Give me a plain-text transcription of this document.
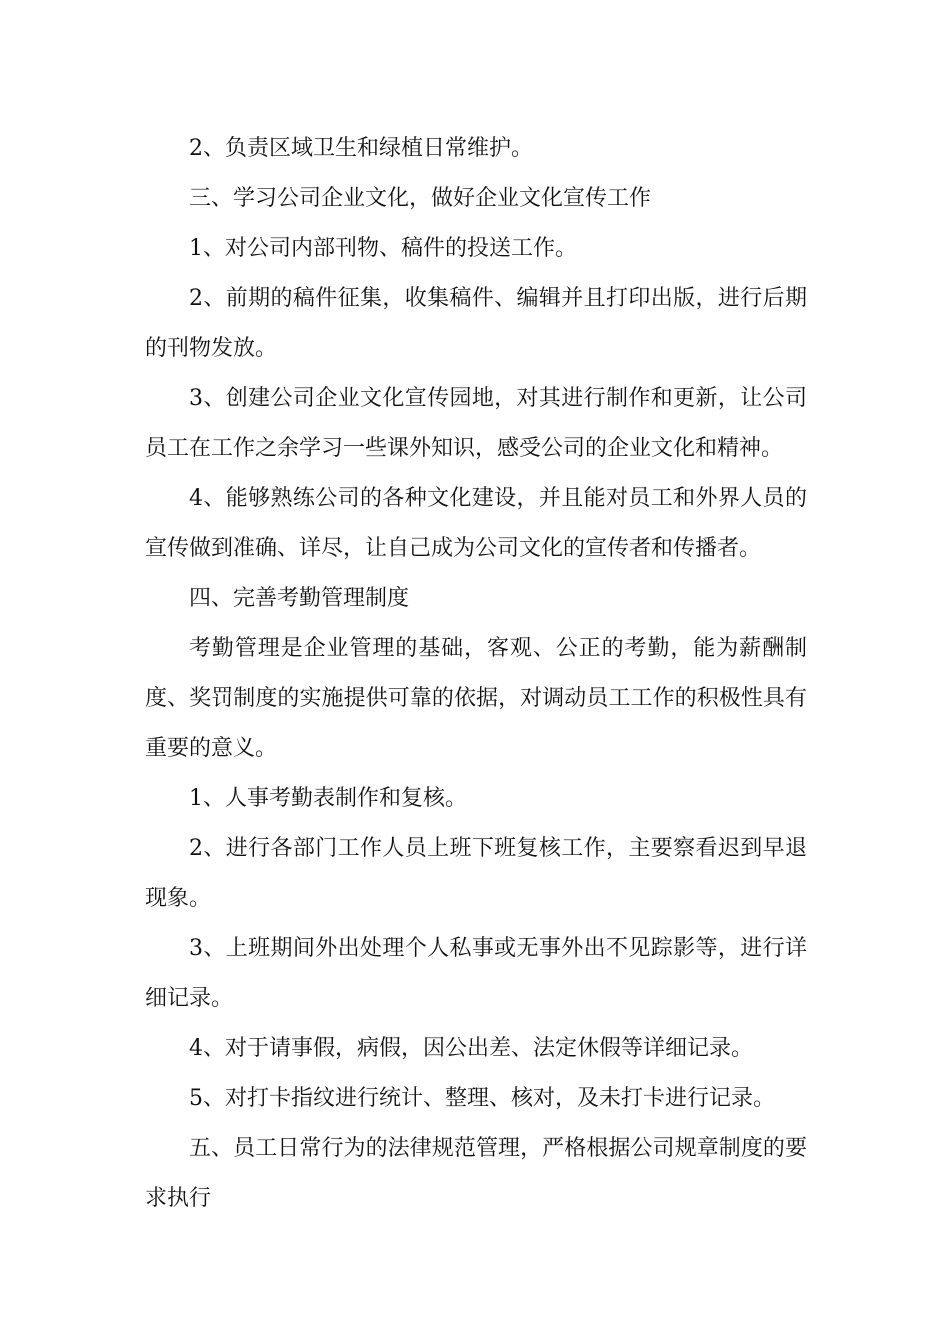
2、负责区域卫生和绿植日常维护。

三、学习公司企业文化，做好企业文化宣传工作

1、对公司内部刊物、稿件的投送工作。

2、前期的稿件征集，收集稿件、编辑并且打印出版，进行后期的刊物发放。

3、创建公司企业文化宣传园地，对其进行制作和更新，让公司员工在工作之余学习一些课外知识，感受公司的企业文化和精神。

4、能够熟练公司的各种文化建设，并且能对员工和外界人员的宣传做到准确、详尽，让自己成为公司文化的宣传者和传播者。

四、完善考勤管理制度

考勤管理是企业管理的基础，客观、公正的考勤，能为薪酬制度、奖罚制度的实施提供可靠的依据，对调动员工工作的积极性具有重要的意义。

1、人事考勤表制作和复核。

2、进行各部门工作人员上班下班复核工作，主要察看迟到早退现象。

3、上班期间外出处理个人私事或无事外出不见踪影等，进行详细记录。

4、对于请事假，病假，因公出差、法定休假等详细记录。

5、对打卡指纹进行统计、整理、核对，及未打卡进行记录。

五、员工日常行为的法律规范管理，严格根据公司规章制度的要求执行
